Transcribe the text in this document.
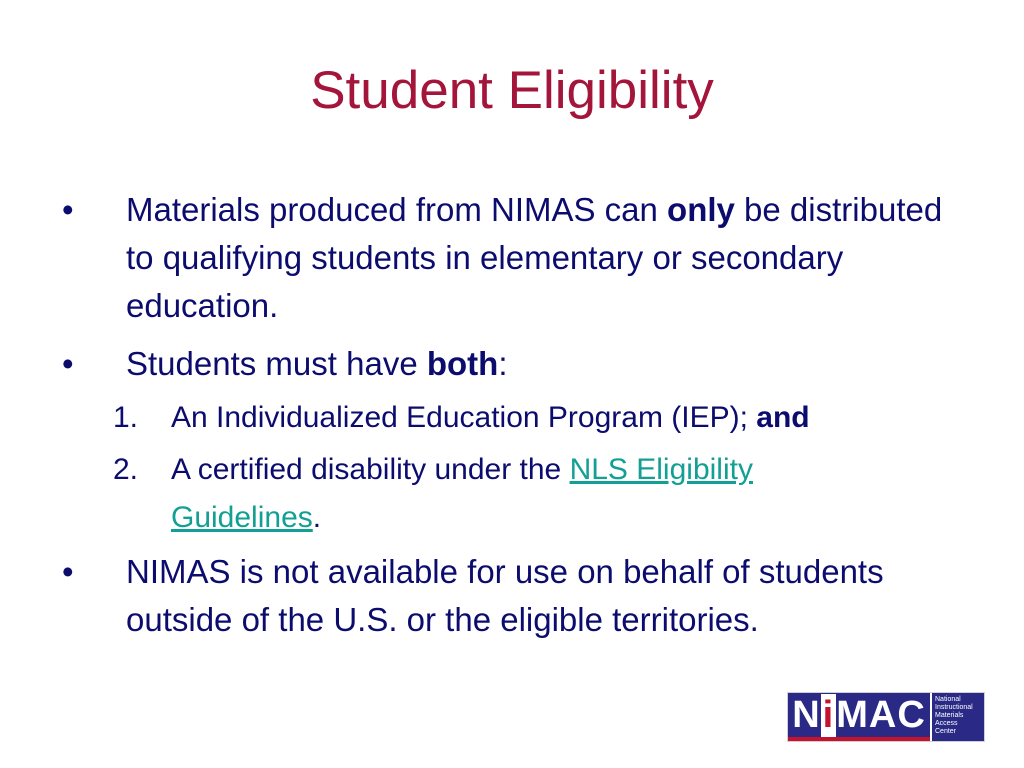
Student Eligibility
• Materials produced from NIMAS can only be distributed to qualifying students in elementary or secondary education.
• Students must have both:
1. An Individualized Education Program (IEP); and
2. A certified disability under the NLS Eligibility Guidelines.
• NIMAS is not available for use on behalf of students outside of the U.S. or the eligible territories.
N i MAC National
Instructional
Materials
Access
Center
